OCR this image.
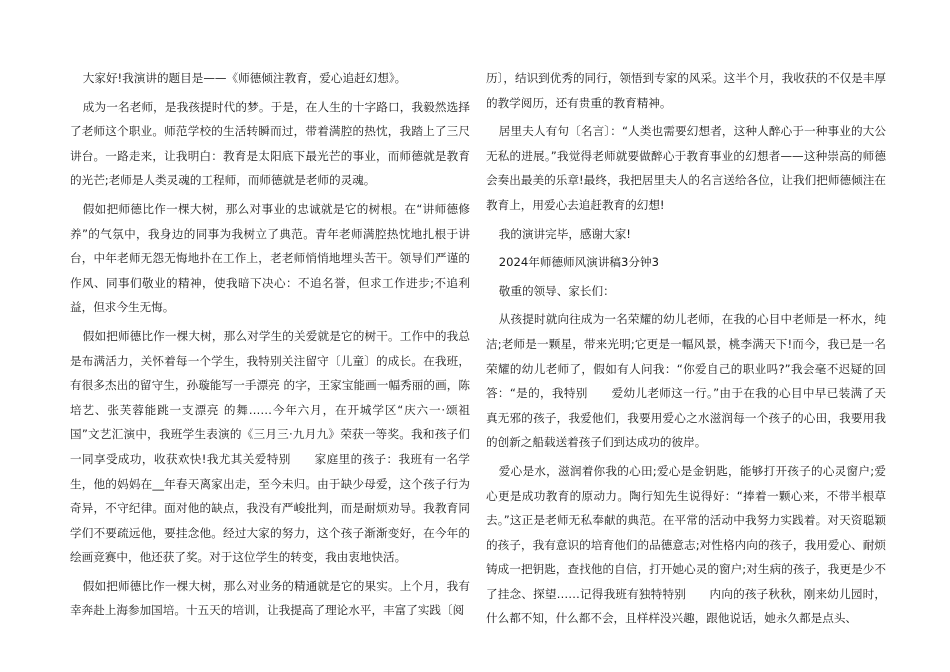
大家好!我演讲的题目是——《师德倾注教育，爱心追赶幻想》。

成为一名老师，是我孩提时代的梦。于是，在人生的十字路口，我毅然选择了老师这个职业。师范学校的生活转瞬而过，带着满腔的热忱，我踏上了三尺讲台。一路走来，让我明白：教育是太阳底下最光芒的事业，而师德就是教育的光芒;老师是人类灵魂的工程师，而师德就是老师的灵魂。

假如把师德比作一棵大树，那么对事业的忠诚就是它的树根。在“讲师德修养”的气氛中，我身边的同事为我树立了典范。青年老师满腔热忱地扎根于讲台，中年老师无怨无悔地扑在工作上，老老师悄悄地埋头苦干。领导们严谨的作风、同事们敬业的精神，使我暗下决心：不追名誉，但求工作进步;不追利益，但求今生无悔。

假如把师德比作一棵大树，那么对学生的关爱就是它的树干。工作中的我总是布满活力，关怀着每一个学生，我特别关注留守〔儿童〕的成长。在我班，有很多杰出的留守生，孙璇能写一手漂亮 的字，王家宝能画一幅秀丽的画，陈培艺、张芙蓉能跳一支漂亮 的舞……今年六月，在开城学区“庆六一·颂祖国”文艺汇演中，我班学生表演的《三月三·九月九》荣获一等奖。我和孩子们一同享受成功，收获欢快!我尤其关爱特别　　家庭里的孩子：我班有一名学生，他的妈妈在__年春天离家出走，至今未归。由于缺少母爱，这个孩子行为奇异，不守纪律。面对他的缺点，我没有严峻批判，而是耐烦劝导。我教育同学们不要疏远他，要挂念他。经过大家的努力，这个孩子渐渐变好，在今年的绘画竞赛中，他还获了奖。对于这位学生的转变，我由衷地快活。

假如把师德比作一棵大树，那么对业务的精通就是它的果实。上个月，我有幸奔赴上海参加国培。十五天的培训，让我提高了理论水平，丰富了实践〔阅

历〕，结识到优秀的同行，领悟到专家的风采。这半个月，我收获的不仅是丰厚的教学阅历，还有贵重的教育精神。

居里夫人有句〔名言〕：“人类也需要幻想者，这种人醉心于一种事业的大公无私的进展。”我觉得老师就要做醉心于教育事业的幻想者——这种崇高的师德会奏出最美的乐章!最终，我把居里夫人的名言送给各位，让我们把师德倾注在教育上，用爱心去追赶教育的幻想!

我的演讲完毕，感谢大家!

2024年师德师风演讲稿3分钟3

敬重的领导、家长们：

从孩提时就向往成为一名荣耀的幼儿老师，在我的心目中老师是一杯水，纯洁;老师是一颗星，带来光明;它更是一幅风景，桃李满天下!而今，我已是一名荣耀的幼儿老师了，假如有人问我：“你爱自己的职业吗?”我会毫不迟疑的回答：“是的，我特别　　爱幼儿老师这一行。”由于在我的心目中早已装满了天真无邪的孩子，我爱他们，我要用爱心之水滋润每一个孩子的心田，我要用我的创新之船载送着孩子们到达成功的彼岸。

爱心是水，滋润着你我的心田;爱心是金钥匙，能够打开孩子的心灵窗户;爱心更是成功教育的原动力。陶行知先生说得好：“捧着一颗心来，不带半根草去。”这正是老师无私奉献的典范。在平常的活动中我努力实践着。对天资聪颖的孩子，我有意识的培育他们的品德意志;对性格内向的孩子，我用爱心、耐烦铸成一把钥匙，查找他的自信，打开她心灵的窗户;对生病的孩子，我更是少不了挂念、探望……记得我班有独特特别　　内向的孩子秋秋，刚来幼儿园时，什么都不知，什么都不会，且样样没兴趣，跟他说话，她永久都是点头、
